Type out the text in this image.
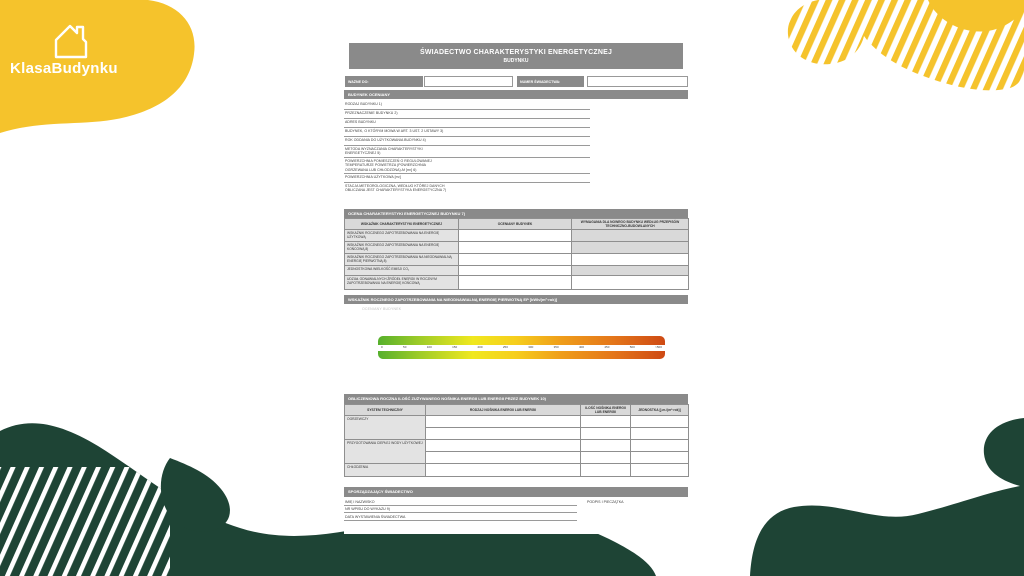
KlasaBudynku
ŚWIADECTWO CHARAKTERYSTYKI ENERGETYCZNEJ
BUDYNKU
WAŻNE DO:	NUMER ŚWIADECTWA:
BUDYNEK OCENIANY
RODZAJ BUDYNKU 1)
PRZEZNACZENIE BUDYNKU 2)
ADRES BUDYNKU
BUDYNEK, O KTÓRYM MOWA W ART. 3 UST. 2 USTAWY 3)
ROK ODDANIA DO UŻYTKOWANIA BUDYNKU 4)
METODA WYZNACZANIA CHARAKTERYSTYKI ENERGETYCZNEJ 5)
POWIERZCHNIA POMIESZCZEŃ O REGULOWANEJ TEMPERATURZE POWIETRZA (POWIERZCHNIA OGRZEWANA LUB CHŁODZONA) Af [m²] 6)
POWIERZCHNIA UŻYTKOWA [m²]
STACJA METEOROLOGICZNA, WEDŁUG KTÓREJ DANYCH OBLICZANA JEST CHARAKTERYSTYKA ENERGETYCZNA 7)
OCENA CHARAKTERYSTYKI ENERGETYCZNEJ BUDYNKU 7)
WSKAŹNIK CHARAKTERYSTYKI ENERGETYCZNEJ	OCENIANY BUDYNEK	WYMAGANIA DLA NOWEGO BUDYNKU WEDŁUG PRZEPISÓW TECHNICZNO-BUDOWLANYCH
WSKAŹNIK ROCZNEGO ZAPOTRZEBOWANIA NA ENERGIĘ UŻYTKOWĄ		
WSKAŹNIK ROCZNEGO ZAPOTRZEBOWANIA NA ENERGIĘ KOŃCOWĄ 8)		
WSKAŹNIK ROCZNEGO ZAPOTRZEBOWANIA NA NIEODNAWIALNĄ ENERGIĘ PIERWOTNĄ 8)		
JEDNOSTKOWA WIELKOŚĆ EMISJI CO₂		
UDZIAŁ ODNAWIALNYCH ŹRÓDEŁ ENERGII W ROCZNYM ZAPOTRZEBOWANIU NA ENERGIĘ KOŃCOWĄ		
WSKAŹNIK ROCZNEGO ZAPOTRZEBOWANIA NA NIEODNAWIALNĄ ENERGIĘ PIERWOTNĄ EP [kWh/(m²·rok)]
OCENIANY BUDYNEK
0	50	100	150	200	250	300	350	400	450	500	>500
OBLICZENIOWA ROCZNA ILOŚĆ ZUŻYWANEGO NOŚNIKA ENERGII LUB ENERGII PRZEZ BUDYNEK 10)
SYSTEM TECHNICZNY	RODZAJ NOŚNIKA ENERGII LUB ENERGII	ILOŚĆ NOŚNIKA ENERGII LUB ENERGII	JEDNOSTKA [j.m./(m²·rok)]
OGRZEWCZY			

PRZYGOTOWANIA CIEPŁEJ WODY UŻYTKOWEJ			

CHŁODZENIA			
SPORZĄDZAJĄCY ŚWIADECTWO
IMIĘ I NAZWISKO
NR WPISU DO WYKAZU 9)
DATA WYSTAWIENIA ŚWIADECTWA
PODPIS I PIECZĄTKA
